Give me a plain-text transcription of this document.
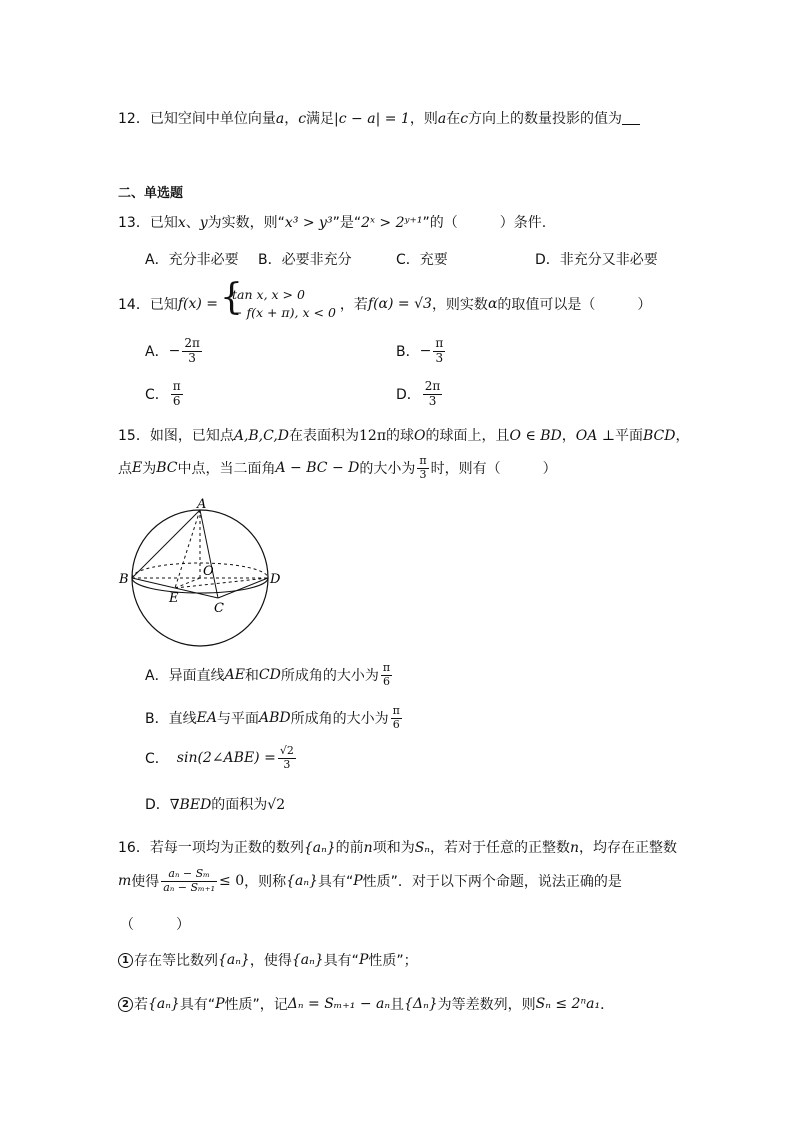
12．已知空间中单位向量a，c满足|c − a| = 1，则a在c方向上的数量投影的值为
二、单选题
13．已知x、y为实数，则“x³ > y³”是“2ˣ > 2ʸ⁺¹”的（　　　）条件.
A．充分非必要 B．必要非充分	C．充要	D．非充分又非必要
14． 已知 f(x) =
{ tan x, x > 0
− f(x + π), x < 0 ，若 f(α) = √3 ，则实数 α 的取值可以是（　　　）
A． − $\frac{2\pi}{3}$	B． − $\frac{\pi}{3}$
C． $\frac{\pi}{6}$	D． $\frac{2\pi}{3}$
15．如图，已知点A,B,C,D在表面积为12π的球O的球面上，且O ∈ BD，OA ⊥平面BCD，
点 E 为 BC 中点，当二面角 A − BC − D 的大小为 $\frac{\pi}{3}$ 时，则有（　　　）
A
B	D
O
E
C
A．异面直线 AE 和 CD 所成角的大小为 $\frac{\pi}{6}$
B．直线 EA 与平面 ABD 所成角的大小为 $\frac{\pi}{6}$
C． sin(2∠ABE) = $\frac{√2}{3}$
D．∇BED的面积为√2
16．若每一项均为正数的数列{aₙ}的前n项和为Sₙ，若对于任意的正整数n，均存在正整数
m 使得 $\frac{\text{aₙ − Sₘ}}{\text{aₙ − Sₘ₊₁}} \le 0$ ，则称 {aₙ} 具有“ P 性质”．对于以下两个命题，说法正确的是
（　　　）
1 存在等比数列 {aₙ} ，使得 {aₙ} 具有“ P 性质”；
2 若 {aₙ} 具有“ P 性质”，记 Δₙ = Sₘ₊₁ − aₙ 且 {Δₙ} 为等差数列，则 Sₙ ≤ 2ⁿa₁ ．
